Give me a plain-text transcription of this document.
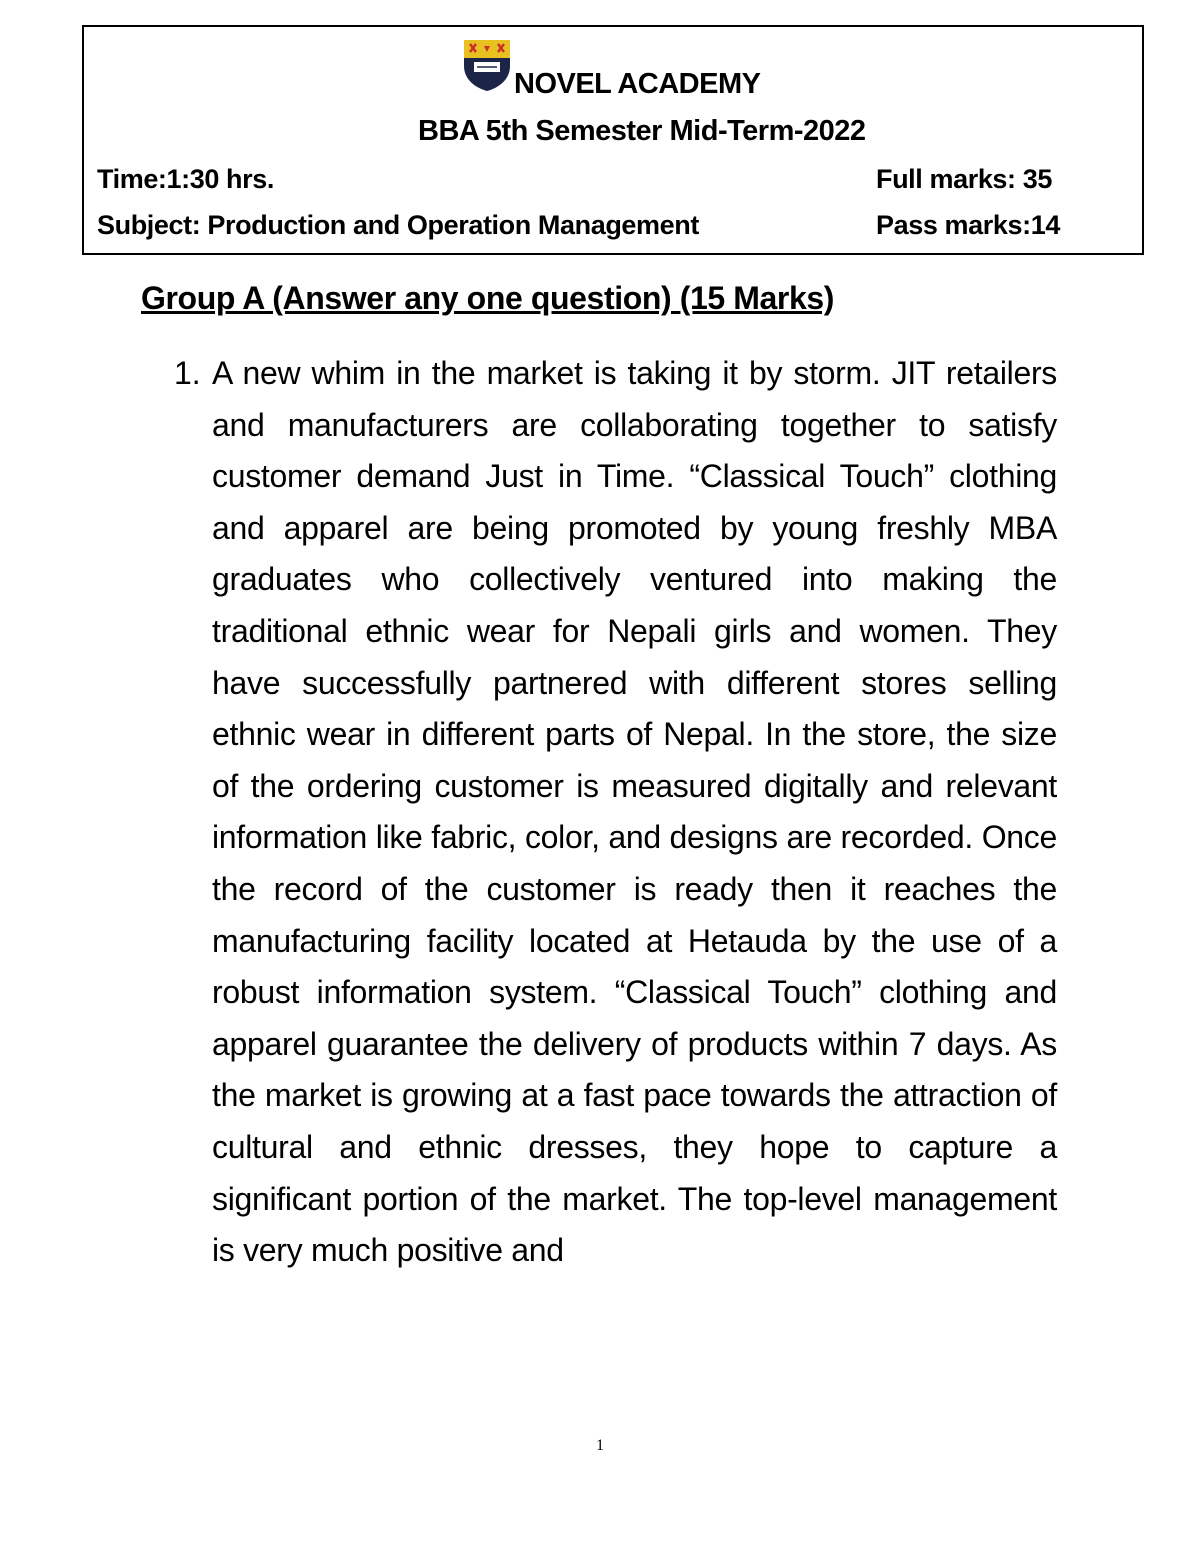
NOVEL ACADEMY
BBA 5th Semester Mid-Term-2022
Time:1:30 hrs.	Full marks: 35
Subject: Production and Operation Management	Pass marks:14
Group A (Answer any one question) (15 Marks)
1. A new whim in the market is taking it by storm. JIT retailers and manufacturers are collaborating together to satisfy customer demand Just in Time. “Classical Touch” clothing and apparel are being promoted by young freshly MBA graduates who collectively ventured into making the traditional ethnic wear for Nepali girls and women. They have successfully partnered with different stores selling ethnic wear in different parts of Nepal. In the store, the size of the ordering customer is measured digitally and relevant information like fabric, color, and designs are recorded. Once the record of the customer is ready then it reaches the manufacturing facility located at Hetauda by the use of a robust information system. “Classical Touch” clothing and apparel guarantee the delivery of products within 7 days. As the market is growing at a fast pace towards the attraction of cultural and ethnic dresses, they hope to capture a significant portion of the market. The top-level management is very much positive and
1
